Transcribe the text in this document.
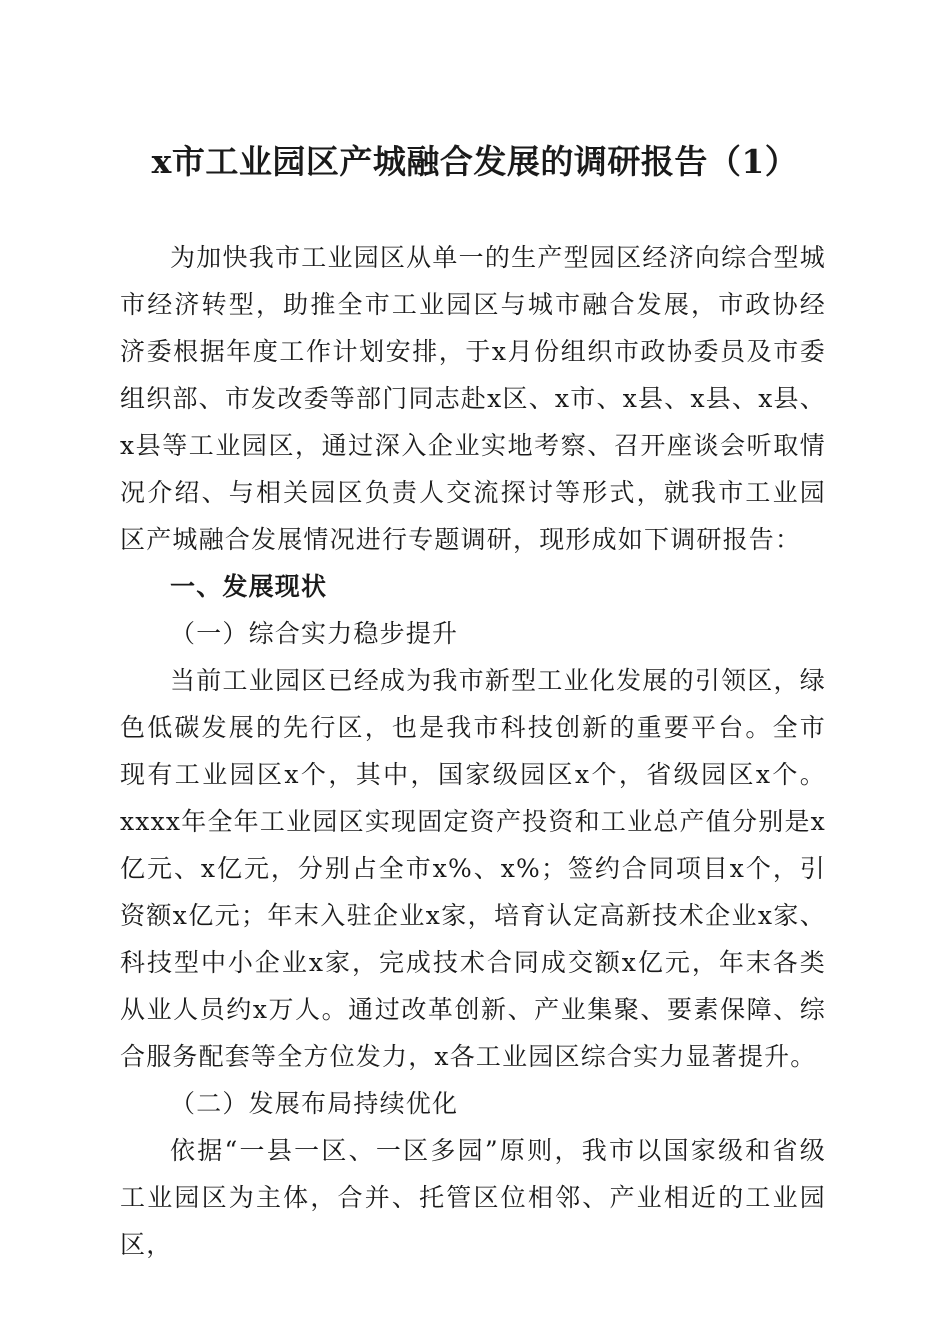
x市工业园区产城融合发展的调研报告（1）

为加快我市工业园区从单一的生产型园区经济向综合型城市经济转型，助推全市工业园区与城市融合发展，市政协经济委根据年度工作计划安排，于x月份组织市政协委员及市委组织部、市发改委等部门同志赴x区、x市、x县、x县、x县、x县等工业园区，通过深入企业实地考察、召开座谈会听取情况介绍、与相关园区负责人交流探讨等形式，就我市工业园区产城融合发展情况进行专题调研，现形成如下调研报告：

一、发展现状

（一）综合实力稳步提升

当前工业园区已经成为我市新型工业化发展的引领区，绿色低碳发展的先行区，也是我市科技创新的重要平台。全市现有工业园区x个，其中，国家级园区x个，省级园区x个。xxxx年全年工业园区实现固定资产投资和工业总产值分别是x亿元、x亿元，分别占全市x%、x%；签约合同项目x个，引资额x亿元；年末入驻企业x家，培育认定高新技术企业x家、科技型中小企业x家，完成技术合同成交额x亿元，年末各类从业人员约x万人。通过改革创新、产业集聚、要素保障、综合服务配套等全方位发力，x各工业园区综合实力显著提升。

（二）发展布局持续优化

依据“一县一区、一区多园”原则，我市以国家级和省级工业园区为主体，合并、托管区位相邻、产业相近的工业园区，
